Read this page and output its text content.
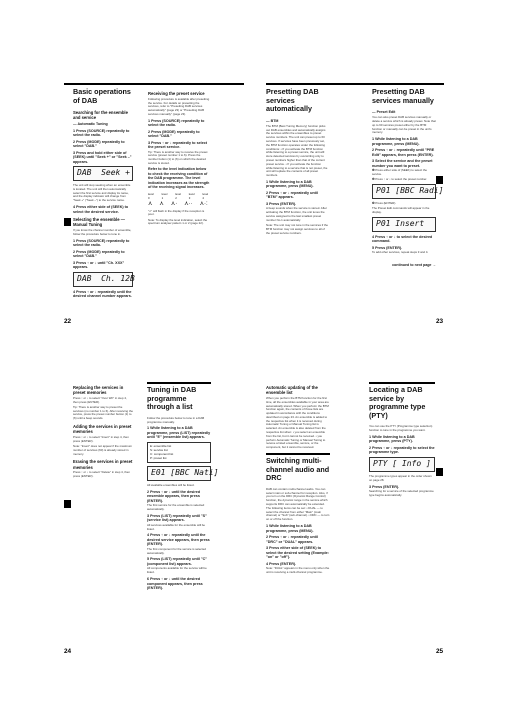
Basic operations of DAB
Searching for the ensemble and service
— Automatic Tuning
1 Press (SOURCE) repeatedly to select the radio.
2 Press (MODE) repeatedly to select "DAB."
3 Press and hold either side of (SEEK) until "Seek +" or "Seek –" appears.
DAB  Seek +

The unit will stop seeking when an ensemble is located. The unit will then automatically select the first service and display its name, and the display indicator will change from "Seek +" ("Seek –") to the service name.

4 Press either side of (SEEK) to select the desired service.
Selecting the ensemble — Manual Tuning

If you know the channel number of ensemble, follow the procedure below to tune in.

1 Press (SOURCE) repeatedly to select the radio.
2 Press (MODE) repeatedly to select "DAB."
3 Press ↑ or ↓ until "Ch. XXX" appears.
DAB  Ch. 12B
4 Press ↑ or ↓ repeatedly until the desired channel number appears.
Receiving the preset service

Following procedure is available after presetting the service. For details on presetting the services, refer to "Presetting DAB services automatically" (page 23) or "Presetting DAB services manually" (page 23).

1 Press (SOURCE) repeatedly to select the radio.
2 Press (MODE) repeatedly to select "DAB."
3 Press ↑ or ↓ repeatedly to select the preset service.

Tip: There is another way to receive the preset service (preset number 1 to 6). Press the number button (1) to (6) on which the desired service is stored.

Refer to the level indication below to check the receiving condition of the DAB programme. The level indication increases as the strength of the receiving signal increases.
level 0
level 1
level 2
level 3
level 4
⋏ ⋏ ⋏· ⋏·· ⋏·:

"⋏" will flash in the display if the reception is poor.

Note: To display the level indication, select the spectrum analyser pattern 1 or 2 (page 22).

22
Presetting DAB services automatically
— BTM

The BTM (Best Tuning Memory) function picks out DAB ensembles and automatically assigns the services within the ensembles to preset service numbers. The unit can preset up to 60 services. If services have been previously set, the BTM function operates under the following conditions: • If you activate the BTM function while listening to a preset service, the unit will store detected services by overwriting only to preset numbers higher than that of the current preset service. • If you activate the function while listening to a service that is not preset, the unit will replace the contents of all preset numbers.

1 While listening to a DAB programme, press (MENU).
2 Press ↑ or ↓ repeatedly until "BTM" appears.
3 Press (ENTER).

A beep sounds when the service is stored. After activating the BTM function, the unit tunes the service assigned to the last smallest preset number No.1 automatically.

Note: The unit may not tune in the services if the BTM function may not assign services to all of the preset service numbers.

Presetting DAB services manually
— Preset Edit

You can also preset DAB services manually or delete a service which is already preset. Note that up to 60 services preset either by the BTM function or manually can be preset in the unit's memory.

1 While listening to a DAB programme, press (MENU).
2 Press ↑ or ↓ repeatedly until "PRE Edit" appears, then press (ENTER).
3 Select the service and the preset number you want to preset.

❶ Press either side of (SEEK) to select the service.

❷ Press ↑ or ↓ to select the preset number.

P01 [BBC Radi]

❸ Press (ENTER).

The Preset Edit commands will appear in the display.

P01 Insert
4 Press ↑ or ↓ to select the desired command.
5 Press (ENTER).

To add other services, repeat steps 3 and 4.

continued to next page →
23
Replacing the services in preset memories

Press ↑ or ↓ to select "Over Wrt" in step 4, then press (ENTER).

Tip: There is another way to preset the services (no number 1 to 6). After receiving the service, press the preset number button (1) to (6) until a beep sounds.

Adding the services in preset memories

Press ↑ or ↓ to select "Insert" in step 4, then press (ENTER).

Note: "Insert" does not appear if the maximum number of services (60) is already stored in memory.

Erasing the services in preset memories

Press ↑ or ↓ to select "Delete" in step 4, then press (ENTER).

Tuning in DAB programme through a list

Follow the procedure below to tune in a DAB programme manually.

1 While listening to a DAB programme, press (LIST) repeatedly until "E" (ensemble list) appears.
E: ensemble list
S: service list
C: component list
P: preset list
E01 [BBC Nati]

All available ensembles will be listed.

2 Press ↑ or ↓ until the desired ensemble appears, then press (ENTER).

The first service for the ensemble is selected automatically.

3 Press (LIST) repeatedly until "S" (service list) appears.

All services available for the ensemble will be listed.

4 Press ↑ or ↓ repeatedly until the desired service appears, then press (ENTER).

The first component for the service is selected automatically.

5 Press (LIST) repeatedly until "C" (component list) appears.

All components available for the service will be listed.

6 Press ↑ or ↓ until the desired component appears, then press (ENTER).
24
Automatic updating of the ensemble list

When you perform the BTM function for the first time, all the ensembles available in your area are automatically stored. When you perform the BTM function again, the contents of those lists are updated in accordance with the conditions described on page 23. An ensemble is added to the respective list when it is received during Automatic Tuning or Manual Tuning list is selected. An ensemble is also deleted from the respective list when: • you select an ensemble from the list, but it cannot be received. • you perform Automatic Tuning or Manual Tuning to receive a listed ensemble, service, or the component, but it cannot be received.

Switching multi-channel audio and DRC

DAB can contain multi-channel audio. You can select main or sub-channel for reception. Also, if you turn on the DRC (Dynamic Range Control) function, the dynamic range in the service which supports DRC can automatically be extended. The following items can be set: • DUAL — to select the channel from either "Main" (main channel) or "Sub" (sub-channel). • DRC — to turn on or off the function.

1 While listening to a DAB programme, press (MENU).
2 Press ↑ or ↓ repeatedly until "DRC" or "DUAL" appears.
3 Press either side of (SEEK) to select the desired setting (Example: "on" or "off").
4 Press (ENTER).

Note: "DUAL" appears in the menu only when the unit is receiving a multi-channel programme.

Locating a DAB service by programme type (PTY)

You can use the PTY (Programme type selection) function to tune in the programme you want.

1 While listening to a DAB programme, press (PTY).
2 Press ↑ or ↓ repeatedly to select the programme type.
PTY [ Info ]

The programme types appear in the order shown on page 28.

3 Press (ENTER).

Searching for a service of the selected programme type begins automatically.

25
